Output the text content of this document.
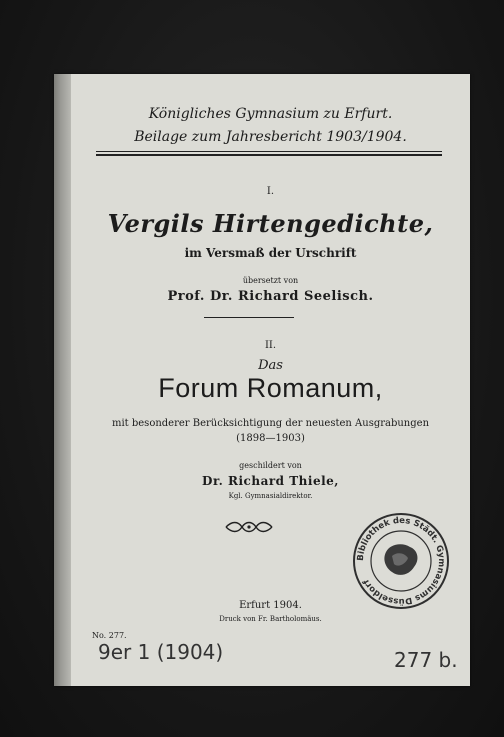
Königliches Gymnasium zu Erfurt.
Beilage zum Jahresbericht 1903/1904.
I.
Vergils Hirtengedichte,
im Versmaß der Urschrift
übersetzt von
Prof. Dr. Richard Seelisch.
II.
Das
Forum Romanum,
mit besonderer Berücksichtigung der neuesten Ausgrabungen
(1898—1903)
geschildert von
Dr. Richard Thiele,
Kgl. Gymnasialdirektor.
Bibliothek des Städt. Gymnasiums Düsseldorf
Erfurt 1904.
Druck von Fr. Bartholomäus.
No. 277.
9er 1 (1904)	277 b.
